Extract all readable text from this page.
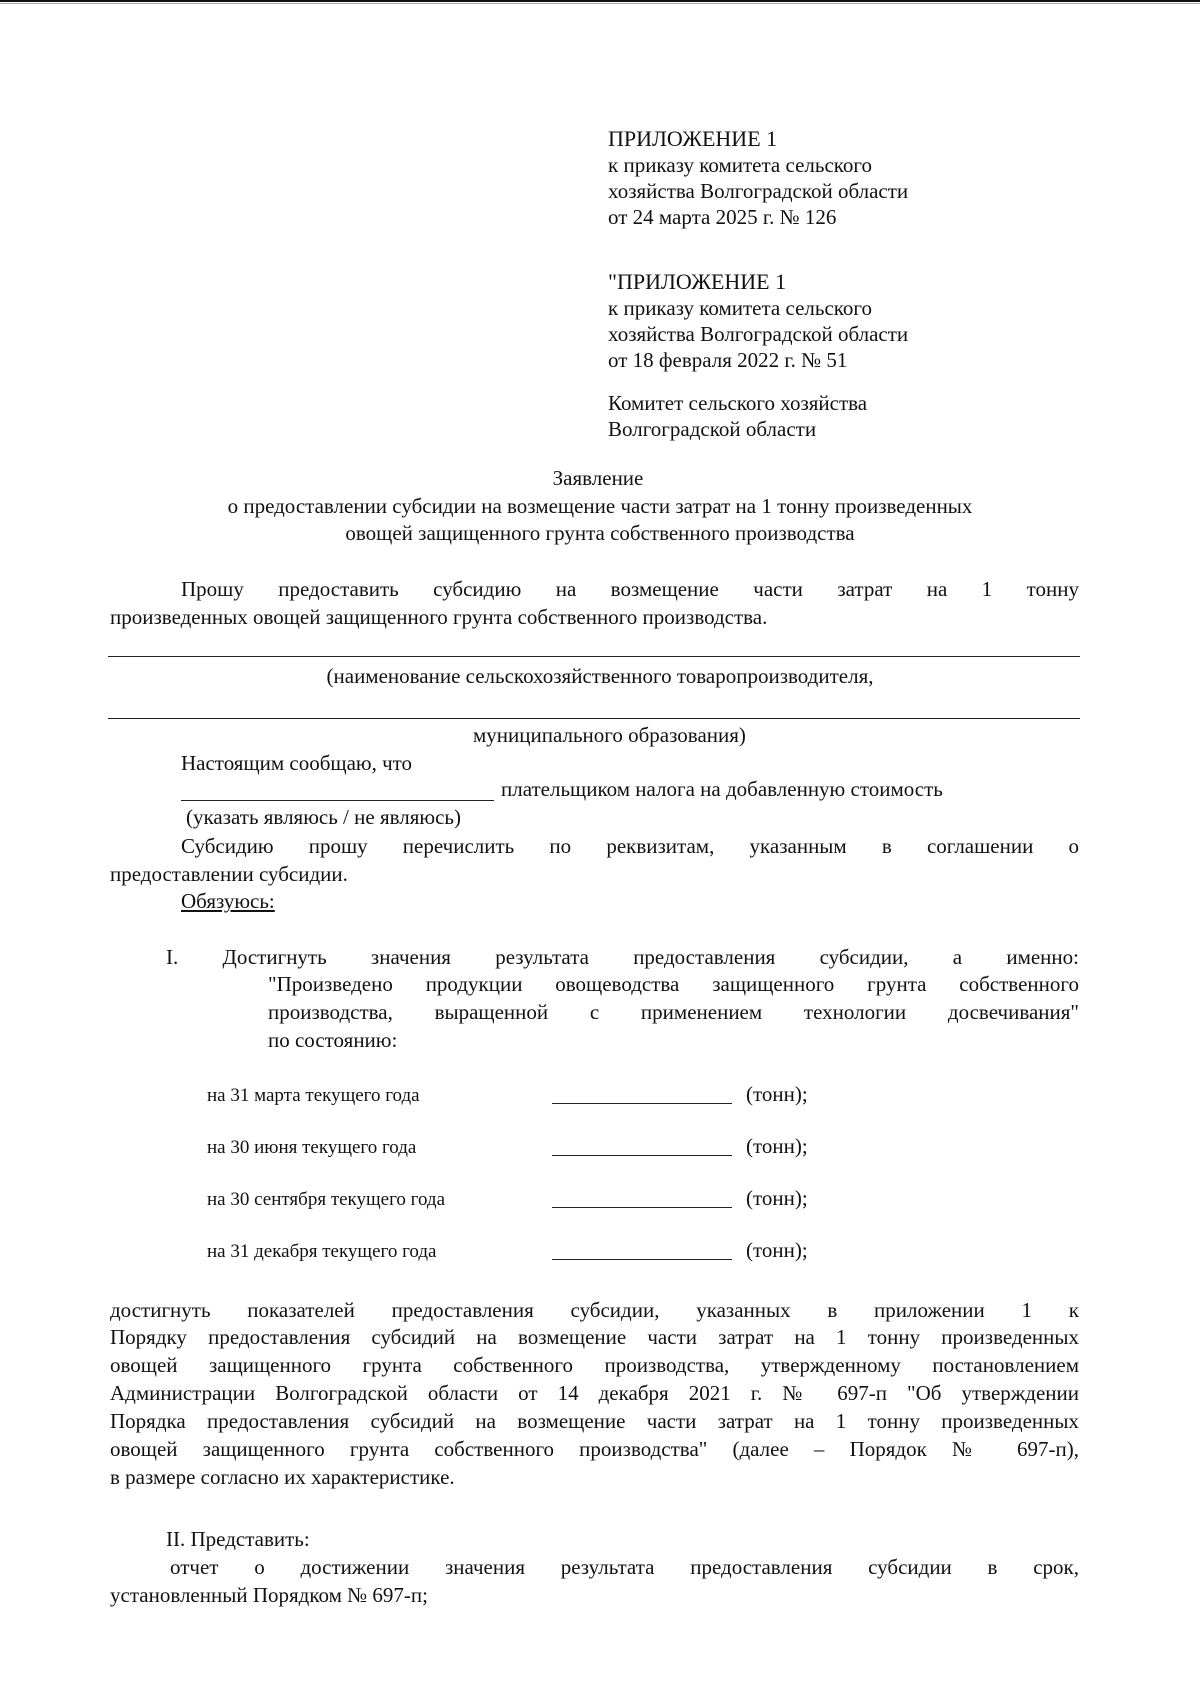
ПРИЛОЖЕНИЕ 1
к приказу комитета сельского
хозяйства Волгоградской области
от 24 марта 2025 г. № 126
"ПРИЛОЖЕНИЕ 1
к приказу комитета сельского
хозяйства Волгоградской области
от 18 февраля 2022 г. № 51
Комитет сельского хозяйства
Волгоградской области
Заявление
о предоставлении субсидии на возмещение части затрат на 1 тонну произведенных
овощей защищенного грунта собственного производства
Прошу предоставить субсидию на возмещение части затрат на 1 тонну
произведенных овощей защищенного грунта собственного производства.
(наименование сельскохозяйственного товаропроизводителя,
муниципального образования)
Настоящим сообщаю, что
плательщиком налога на добавленную стоимость
(указать являюсь / не являюсь)
Субсидию прошу перечислить по реквизитам, указанным в соглашении о
предоставлении субсидии.
Обязуюсь:
I. Достигнуть значения результата предоставления субсидии, а именно:
"Произведено продукции овощеводства защищенного грунта собственного
производства, выращенной с применением технологии досвечивания"
по состоянию:
на 31 марта текущего года	(тонн);
на 30 июня текущего года	(тонн);
на 30 сентября текущего года	(тонн);
на 31 декабря текущего года	(тонн);
достигнуть показателей предоставления субсидии, указанных в приложении 1 к
Порядку предоставления субсидий на возмещение части затрат на 1 тонну произведенных
овощей защищенного грунта собственного производства, утвержденному постановлением
Администрации Волгоградской области от 14 декабря 2021 г. № 697-п "Об утверждении
Порядка предоставления субсидий на возмещение части затрат на 1 тонну произведенных
овощей защищенного грунта собственного производства" (далее – Порядок № 697-п),
в размере согласно их характеристике.
II. Представить:
отчет о достижении значения результата предоставления субсидии в срок,
установленный Порядком № 697-п;
